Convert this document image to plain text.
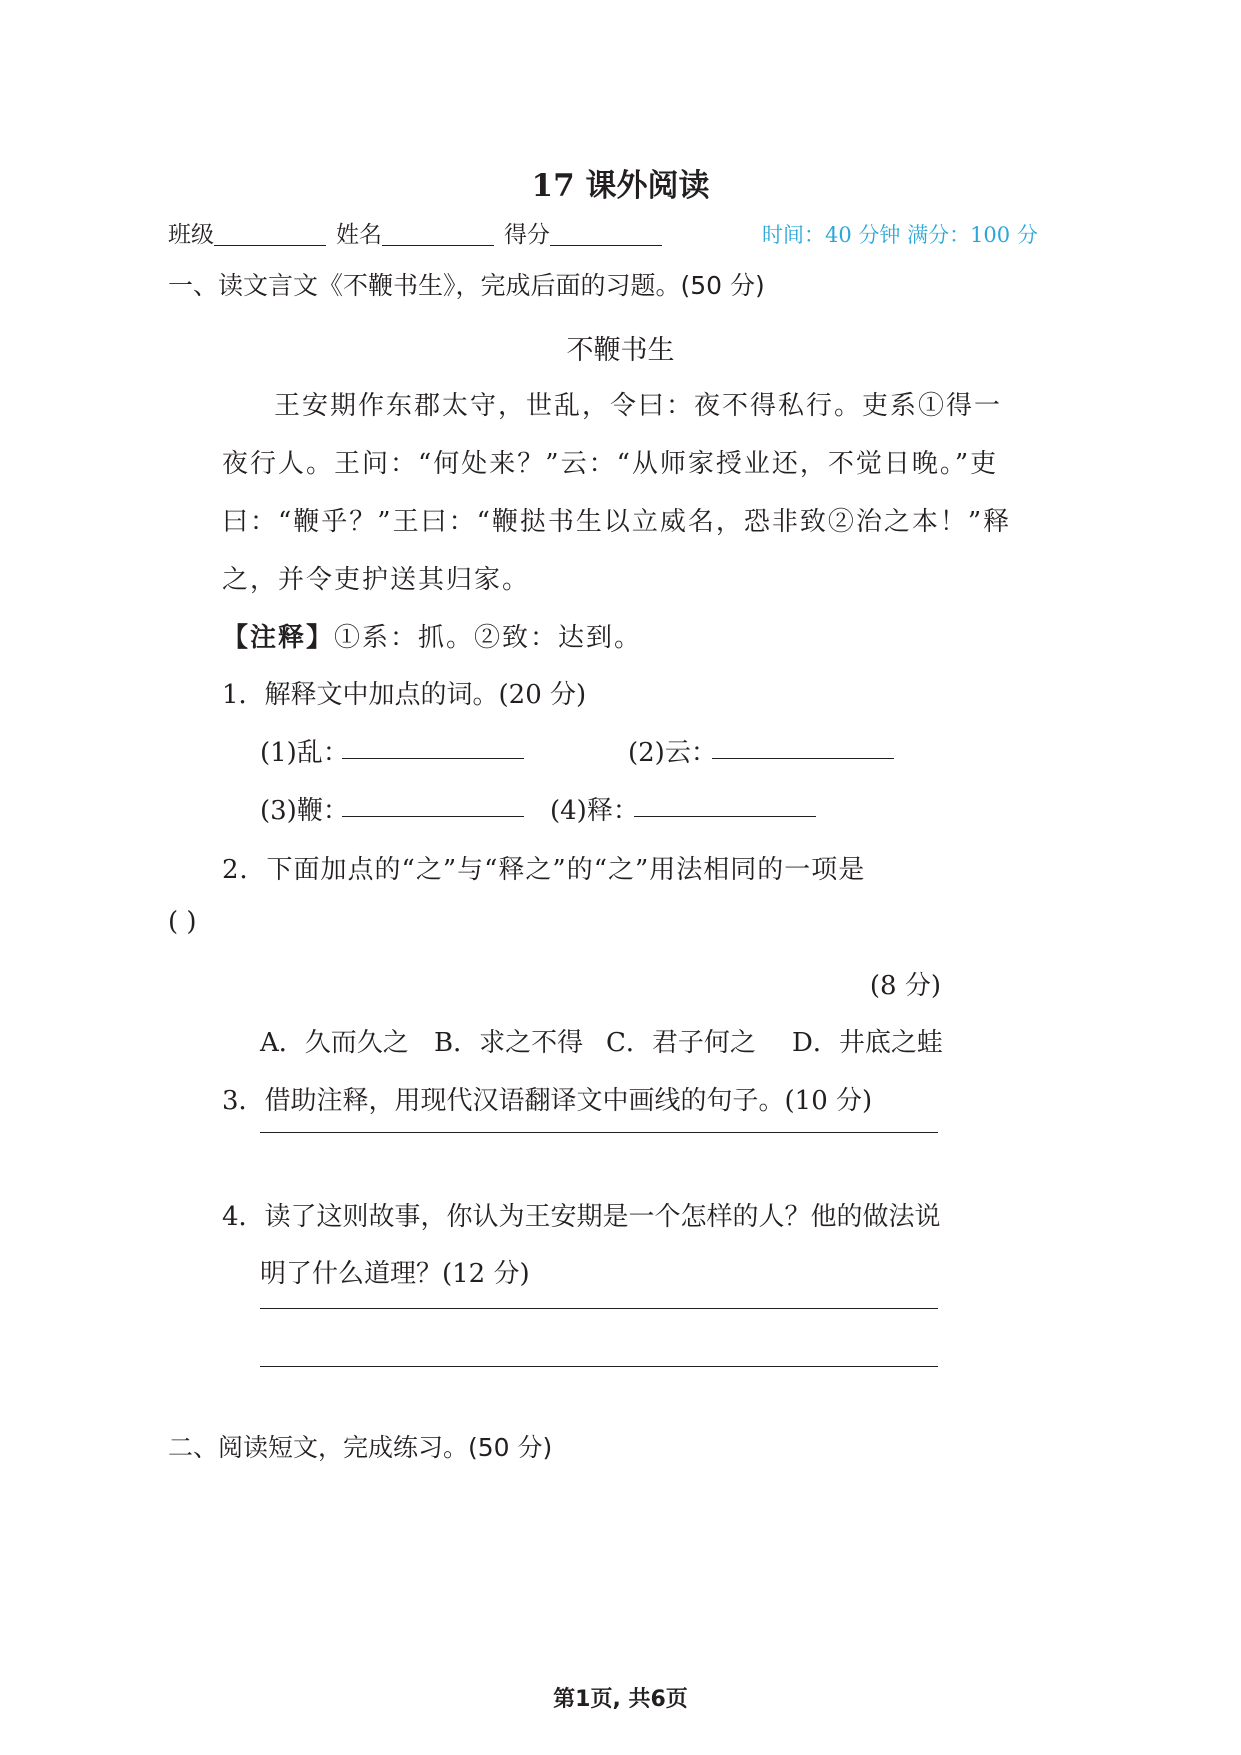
17 课外阅读
班级	姓名	得分	时间：40 分钟 满分：100 分
一、读文言文《不鞭书生》，完成后面的习题。(50 分)
不鞭书生
王安期作东郡太守，世乱，令曰：夜不得私行。吏系①得一
夜行人。王问：“何处来？”云：“从师家授业还，不觉日晚。”吏
曰：“鞭乎？”王曰：“鞭挞书生以立威名，恐非致②治之本！”释
之，并令吏护送其归家。
【注释】①系：抓。②致：达到。
1．解释文中加点的词。(20 分)
(1)乱：	(2)云：
(3)鞭：	(4)释：
2．下面加点的“之”与“释之”的“之”用法相同的一项是
( )
(8 分)
A．久而久之 B．求之不得 C．君子何之 D．井底之蛙
3．借助注释，用现代汉语翻译文中画线的句子。(10 分)
4．读了这则故事，你认为王安期是一个怎样的人？他的做法说
明了什么道理？(12 分)
二、阅读短文，完成练习。(50 分)
第1页, 共6页
